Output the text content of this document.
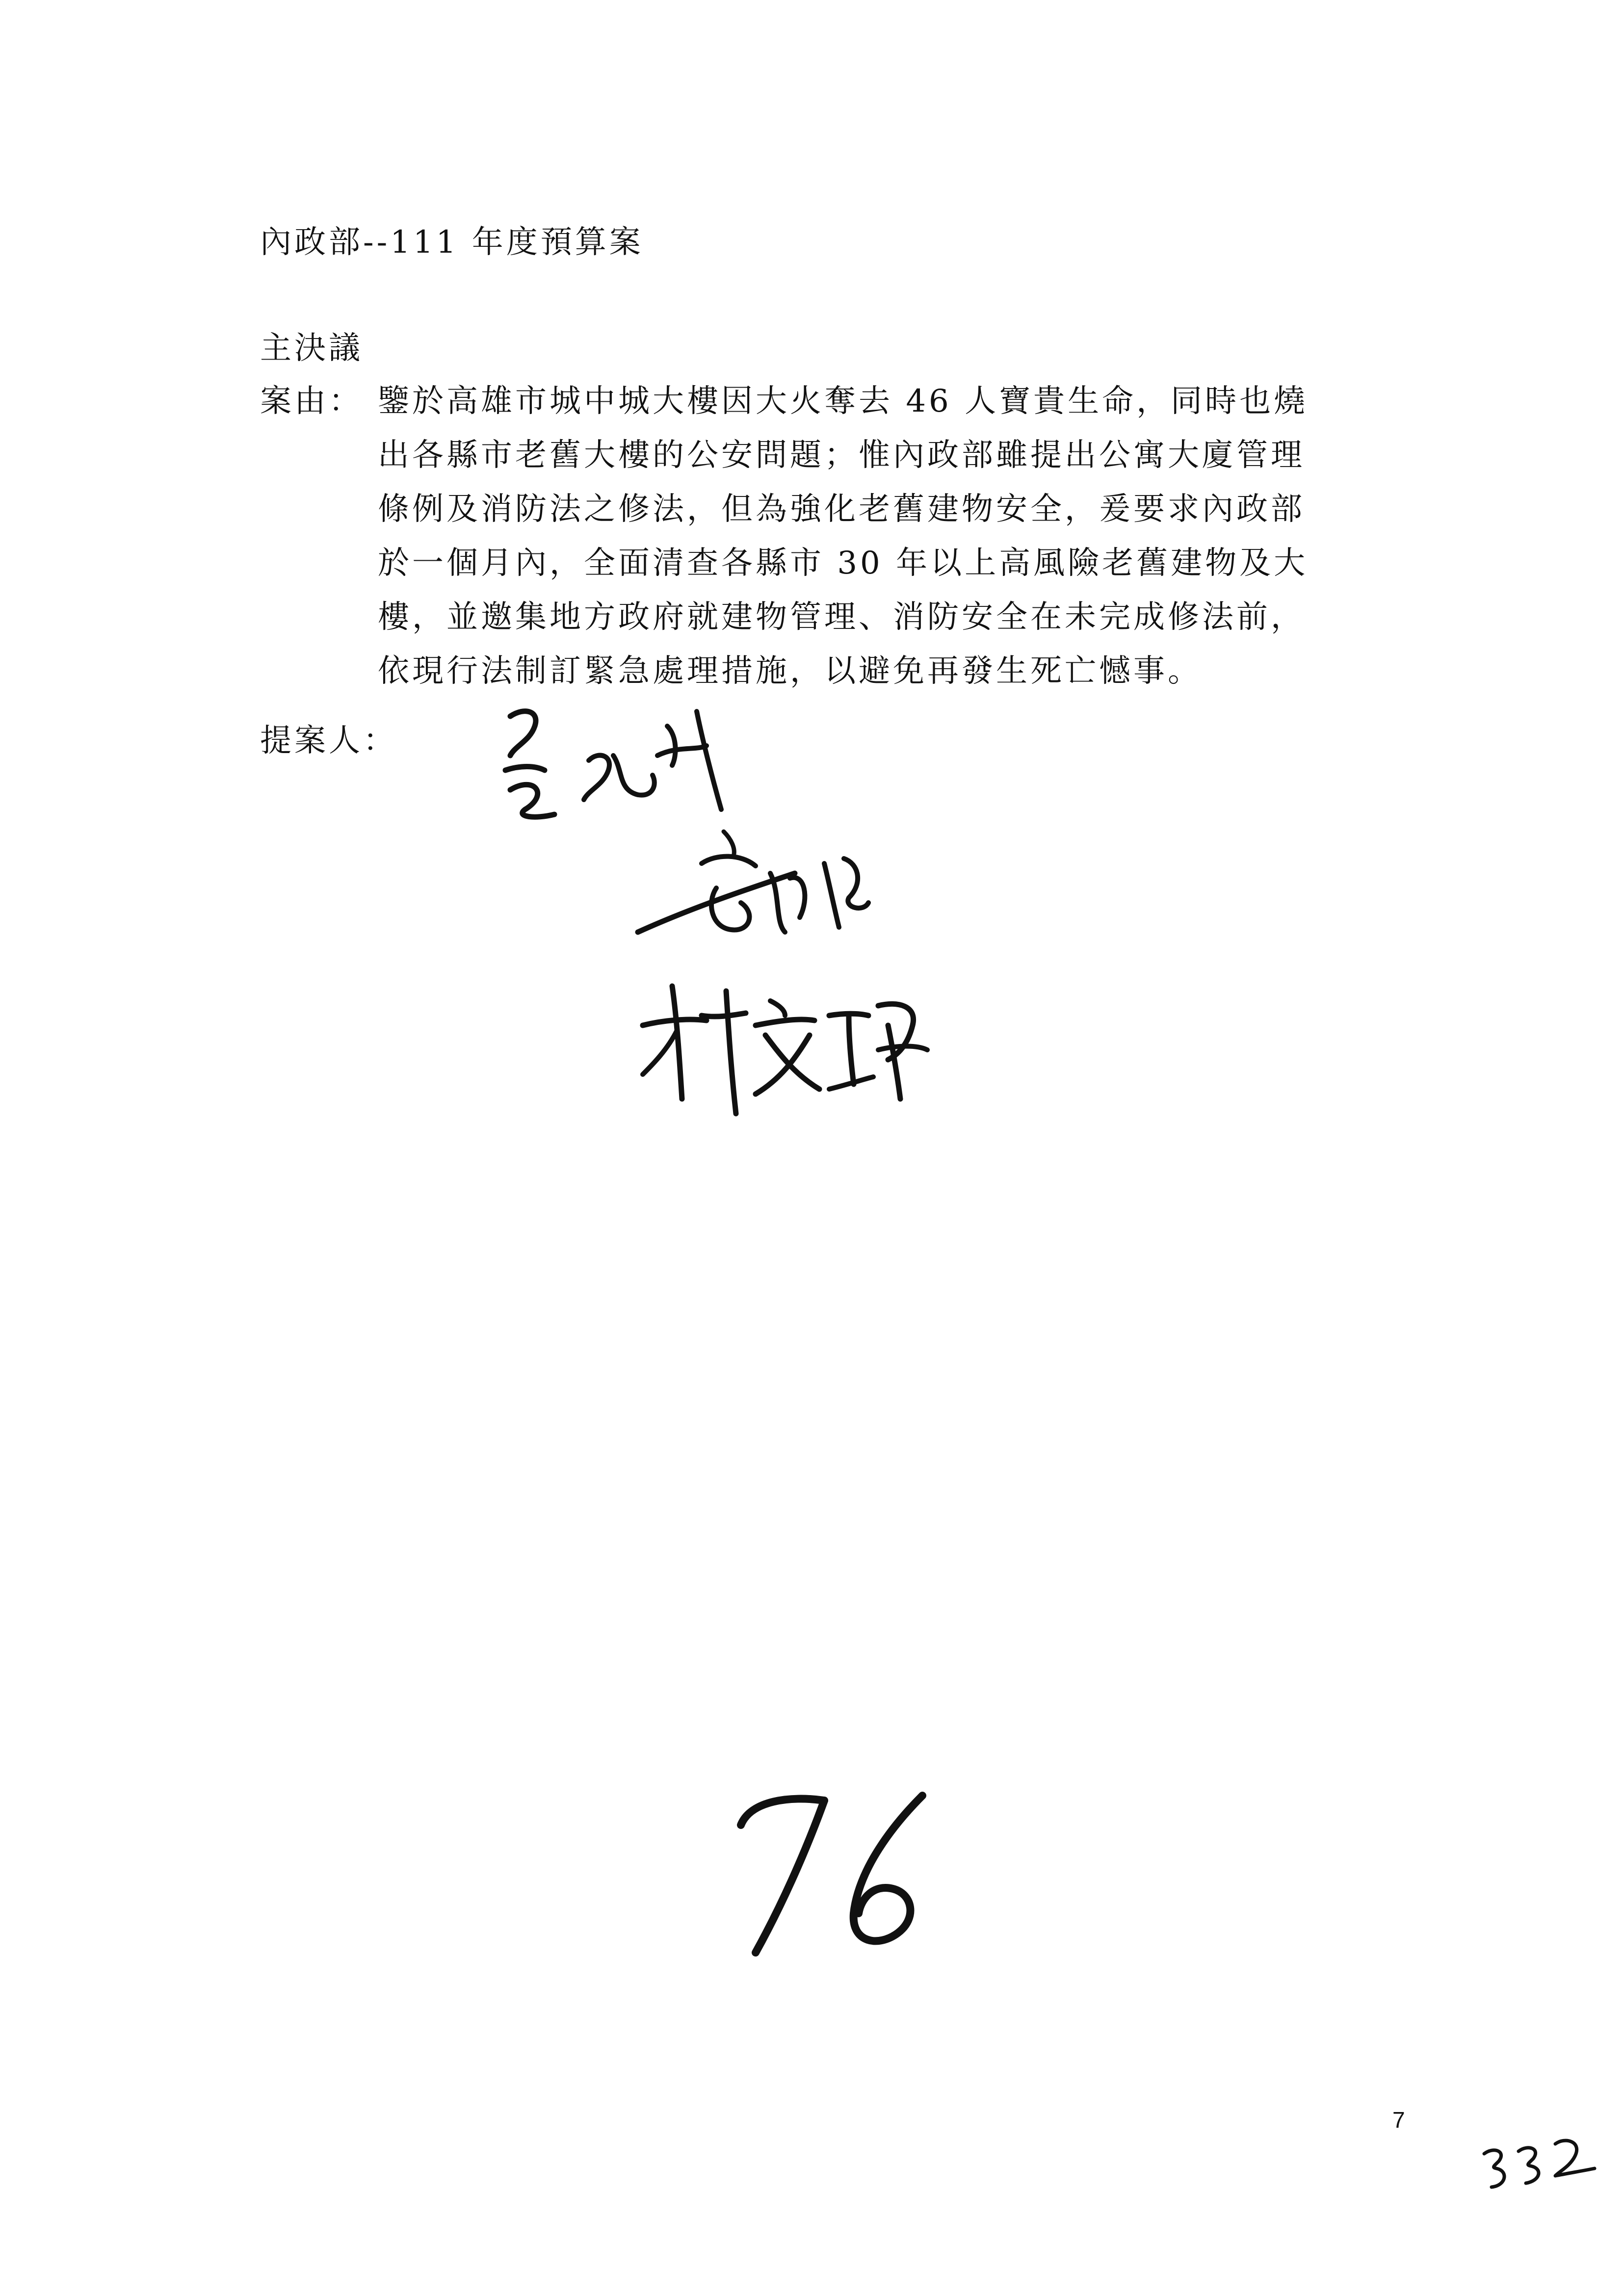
內政部--111 年度預算案
主決議
案由： 鑒於高雄市城中城大樓因大火奪去 46 人寶貴生命，同時也燒
出各縣市老舊大樓的公安問題；惟內政部雖提出公寓大廈管理
條例及消防法之修法，但為強化老舊建物安全，爰要求內政部
於一個月內，全面清查各縣市 30 年以上高風險老舊建物及大
樓，並邀集地方政府就建物管理、消防安全在未完成修法前，
依現行法制訂緊急處理措施，以避免再發生死亡憾事。
提案人：
7
